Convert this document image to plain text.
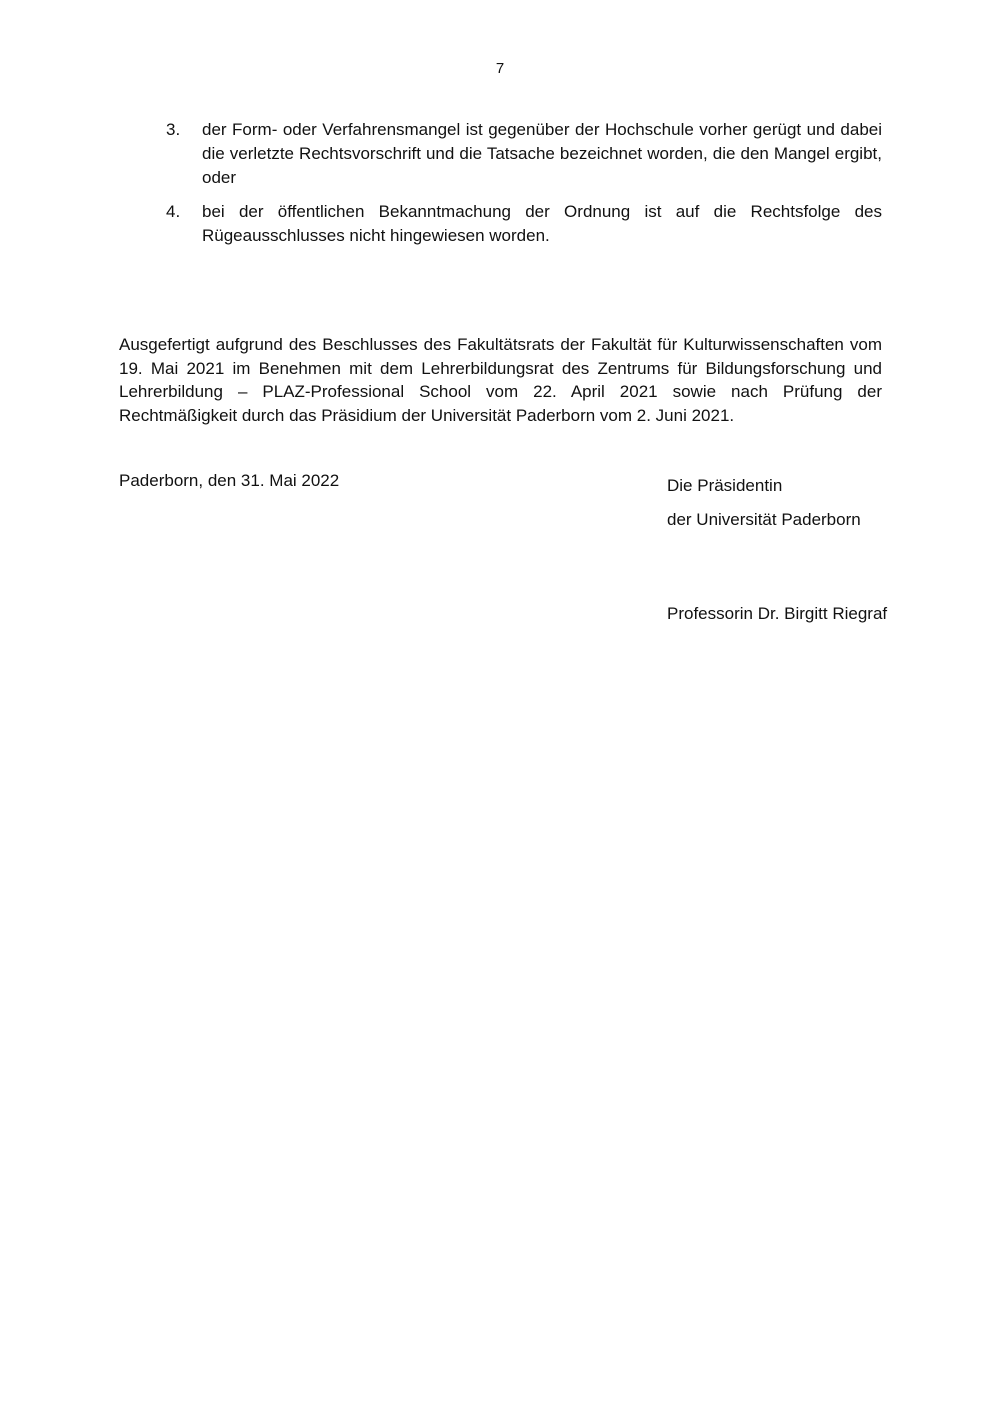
7
3.	der Form- oder Verfahrensmangel ist gegenüber der Hochschule vorher gerügt und dabei die verletzte Rechtsvorschrift und die Tatsache bezeichnet worden, die den Mangel ergibt, oder
4.	bei der öffentlichen Bekanntmachung der Ordnung ist auf die Rechtsfolge des Rügeausschlusses nicht hingewiesen worden.
Ausgefertigt aufgrund des Beschlusses des Fakultätsrats der Fakultät für Kulturwissenschaften vom 19. Mai 2021 im Benehmen mit dem Lehrerbildungsrat des Zentrums für Bildungsforschung und Lehrerbildung – PLAZ-Professional School vom 22. April 2021 sowie nach Prüfung der Rechtmäßigkeit durch das Präsidium der Universität Paderborn vom 2. Juni 2021.
Paderborn, den 31. Mai 2022	Die Präsidentin
der Universität Paderborn
Professorin Dr. Birgitt Riegraf
